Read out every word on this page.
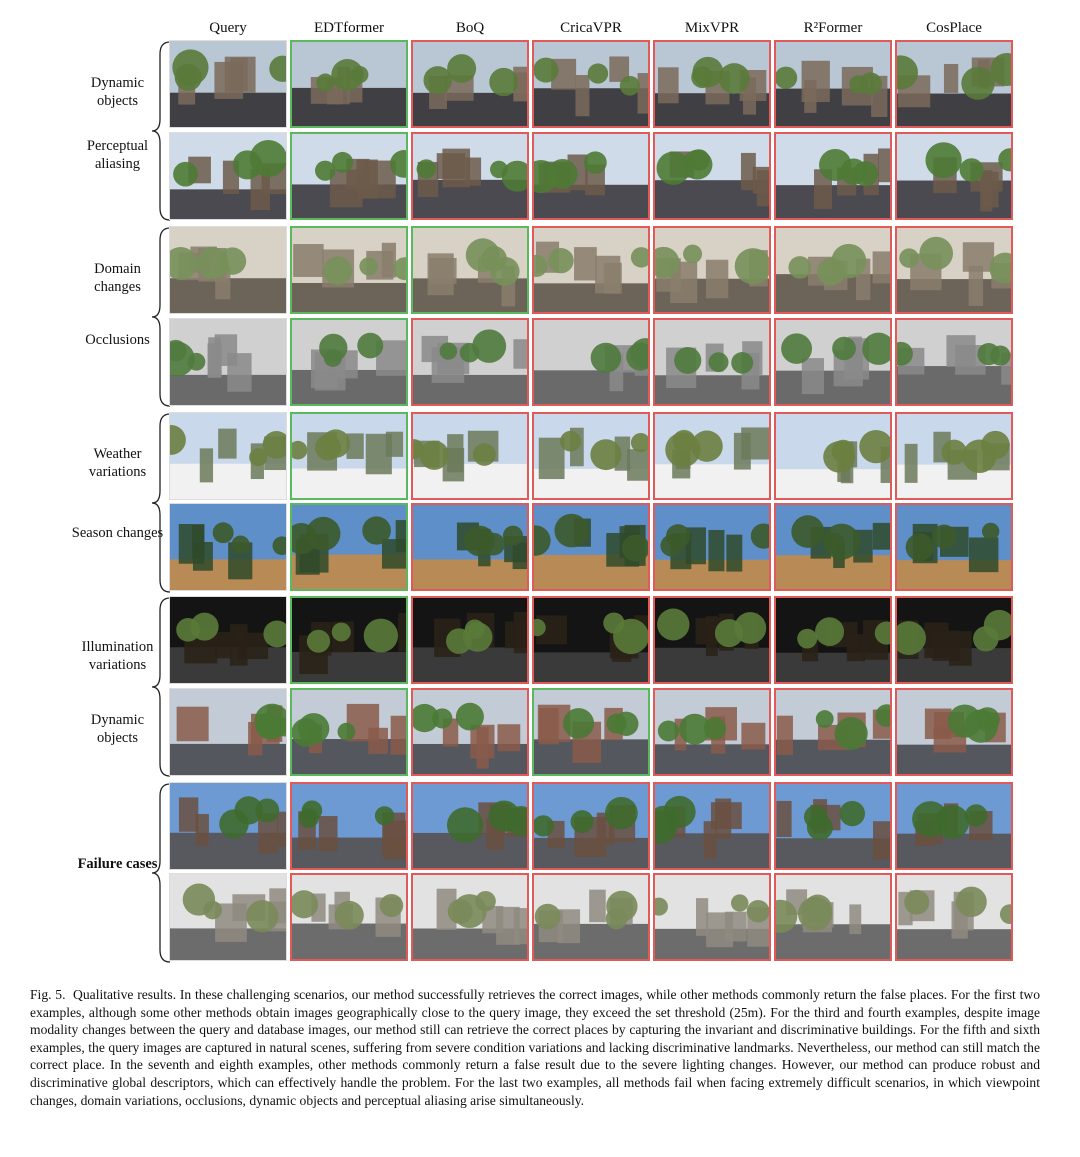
Query	EDTformer	BoQ	CricaVPR	MixVPR	R²Former	CosPlace
Dynamic objects
Perceptual aliasing
Domain changes
Occlusions
Weather variations
Season changes
Illumination variations
Dynamic objects
Failure cases
Fig. 5. Qualitative results. In these challenging scenarios, our method successfully retrieves the correct images, while other methods commonly return the false places. For the first two examples, although some other methods obtain images geographically close to the query image, they exceed the set threshold (25m). For the third and fourth examples, despite image modality changes between the query and database images, our method still can retrieve the correct places by capturing the invariant and discriminative buildings. For the fifth and sixth examples, the query images are captured in natural scenes, suffering from severe condition variations and lacking discriminative landmarks. Nevertheless, our method can still match the correct place. In the seventh and eighth examples, other methods commonly return a false result due to the severe lighting changes. However, our method can produce robust and discriminative global descriptors, which can effectively handle the problem. For the last two examples, all methods fail when facing extremely difficult scenarios, in which viewpoint changes, domain variations, occlusions, dynamic objects and perceptual aliasing arise simultaneously.
